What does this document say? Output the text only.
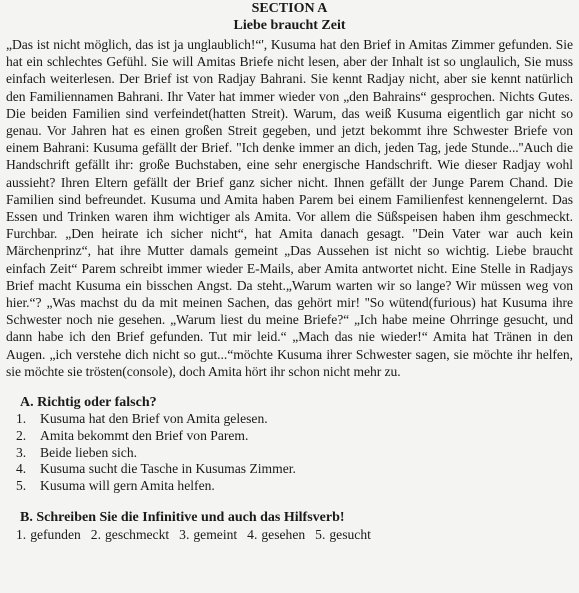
SECTION A

Liebe braucht Zeit

„Das ist nicht möglich, das ist ja unglaublich!“', Kusuma hat den Brief in Amitas Zimmer gefunden. Sie hat ein schlechtes Gefühl. Sie will Amitas Briefe nicht lesen, aber der Inhalt ist so unglaulich, Sie muss einfach weiterlesen. Der Brief ist von Radjay Bahrani. Sie kennt Radjay nicht, aber sie kennt natürlich den Familiennamen Bahrani. Ihr Vater hat immer wieder von „den Bahrains“ gesprochen. Nichts Gutes. Die beiden Familien sind verfeindet(hatten Streit). Warum, das weiß Kusuma eigentlich gar nicht so genau. Vor Jahren hat es einen großen Streit gegeben, und jetzt bekommt ihre Schwester Briefe von einem Bahrani: Kusuma gefällt der Brief. "Ich denke immer an dich, jeden Tag, jede Stunde...''Auch die Handschrift gefällt ihr: große Buchstaben, eine sehr energische Handschrift. Wie dieser Radjay wohl aussieht? Ihren Eltern gefällt der Brief ganz sicher nicht. Ihnen gefällt der Junge Parem Chand. Die Familien sind befreundet. Kusuma und Amita haben Parem bei einem Familienfest kennengelernt. Das Essen und Trinken waren ihm wichtiger als Amita. Vor allem die Süßspeisen haben ihm geschmeckt. Furchbar. „Den heirate ich sicher nicht“, hat Amita danach gesagt. "Dein Vater war auch kein Märchenprinz“, hat ihre Mutter damals gemeint „Das Aussehen ist nicht so wichtig. Liebe braucht einfach Zeit“ Parem schreibt immer wieder E-Mails, aber Amita antwortet nicht. Eine Stelle in Radjays Brief macht Kusuma ein bisschen Angst. Da steht.„Warum warten wir so lange? Wir müssen weg von hier.“? „Was machst du da mit meinen Sachen, das gehört mir! ''So wütend(furious) hat Kusuma ihre Schwester noch nie gesehen. „Warum liest du meine Briefe?“ „Ich habe meine Ohrringe gesucht, und dann habe ich den Brief gefunden. Tut mir leid.“ „Mach das nie wieder!“ Amita hat Tränen in den Augen. „ich verstehe dich nicht so gut...“möchte Kusuma ihrer Schwester sagen, sie möchte ihr helfen, sie möchte sie trösten(console), doch Amita hört ihr schon nicht mehr zu.

A. Richtig oder falsch?

1.	Kusuma hat den Brief von Amita gelesen.
2.	Amita bekommt den Brief von Parem.
3.	Beide lieben sich.
4.	Kusuma sucht die Tasche in Kusumas Zimmer.
5.	Kusuma will gern Amita helfen.

B. Schreiben Sie die Infinitive und auch das Hilfsverb!

1. gefunden 2. geschmeckt 3. gemeint 4. gesehen 5. gesucht
